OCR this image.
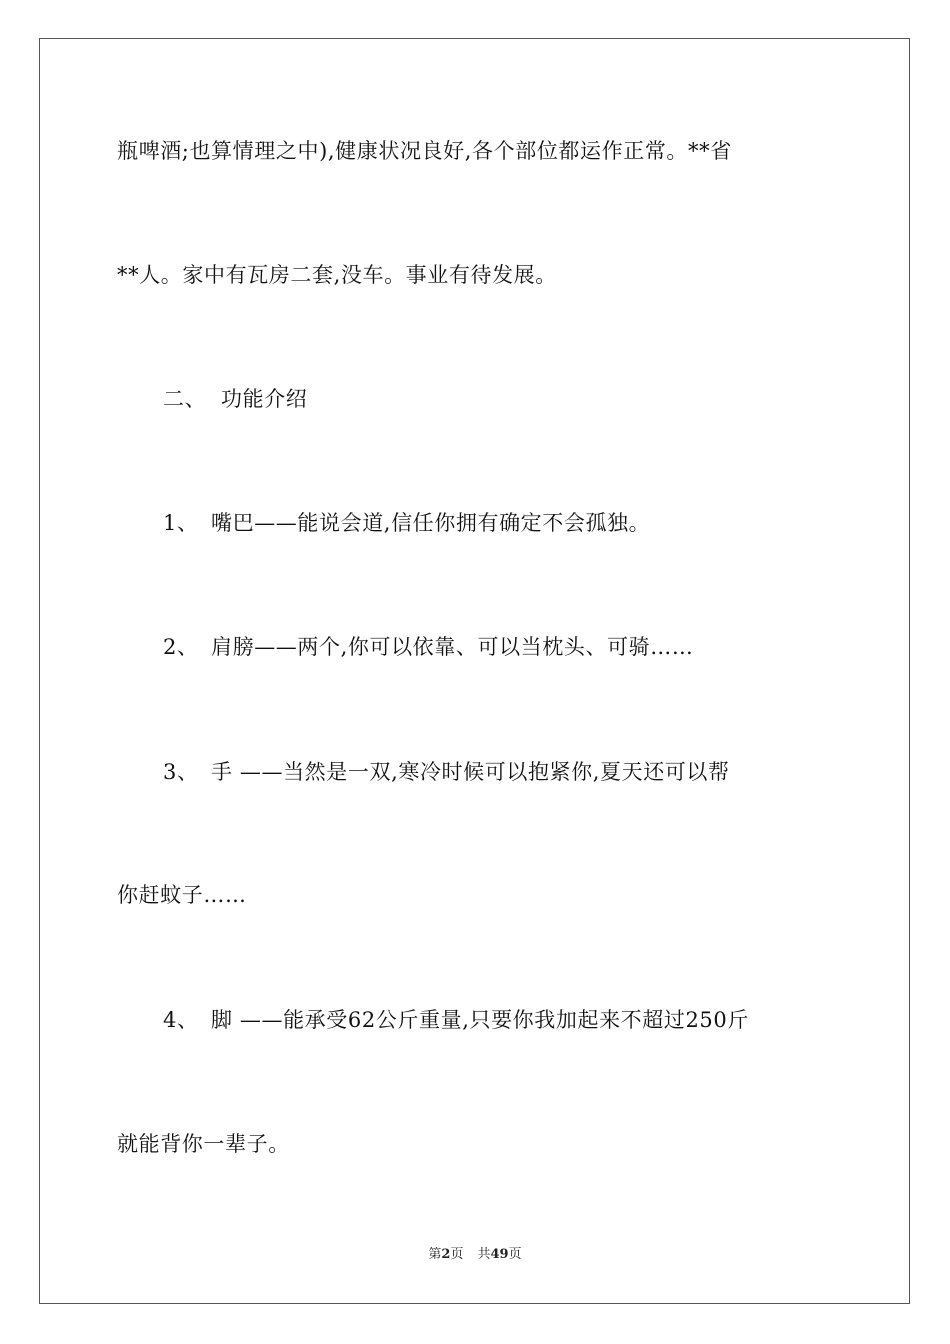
瓶啤酒;也算情理之中),健康状况良好,各个部位都运作正常。**省
**人。家中有瓦房二套,没车。事业有待发展。
二、 功能介绍
1、 嘴巴——能说会道,信任你拥有确定不会孤独。
2、 肩膀——两个,你可以依靠、可以当枕头、可骑……
3、 手 ——当然是一双,寒冷时候可以抱紧你,夏天还可以帮
你赶蚊子……
4、 脚 ——能承受62公斤重量,只要你我加起来不超过250斤
就能背你一辈子。
第2页 共49页
